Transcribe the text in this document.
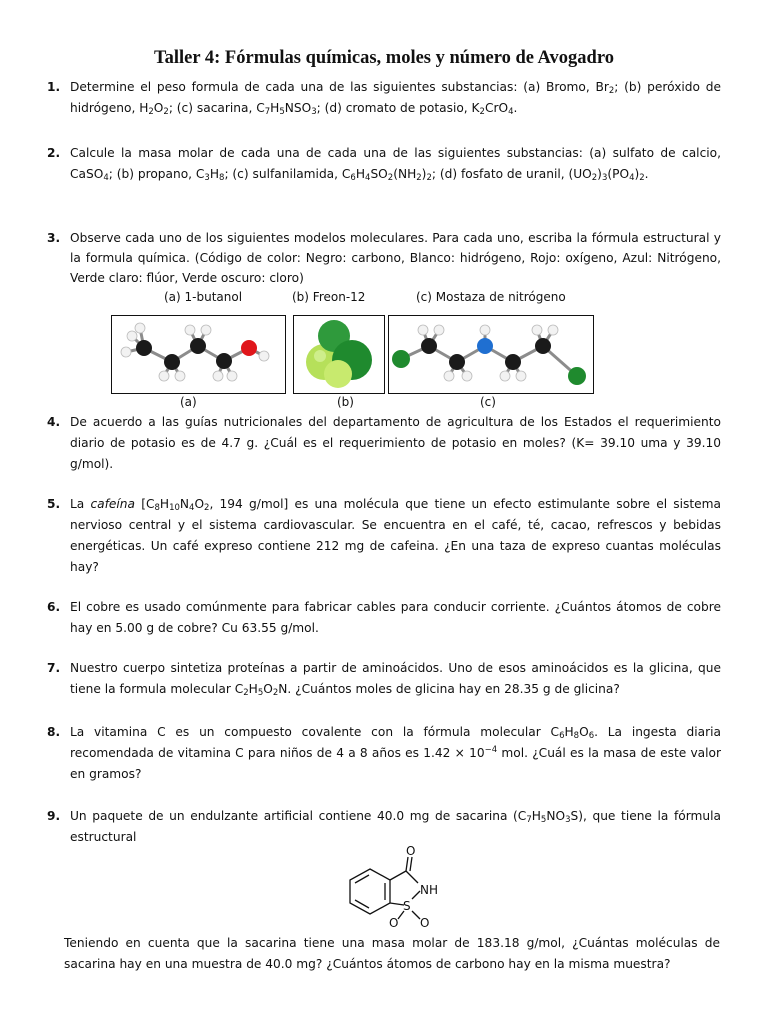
Taller 4: Fórmulas químicas, moles y número de Avogadro
1. Determine el peso formula de cada una de las siguientes substancias: (a) Bromo, $Br_2$; (b) peróxido de hidrógeno, $H_2O_2$; (c) sacarina, $C_7H_5NSO_3$; (d) cromato de potasio, $K_2CrO_4$.
2. Calcule la masa molar de cada una de cada una de las siguientes substancias: (a) sulfato de calcio, CaSO$_4$; (b) propano, $C_3H_8$; (c) sulfanilamida, $C_6H_4SO_2(NH_2)_2$; (d) fosfato de uranil, $(UO_2)_3(PO_4)_2$.
3. Observe cada uno de los siguientes modelos moleculares. Para cada uno, escriba la fórmula estructural y la formula química. (Código de color: Negro: carbono, Blanco: hidrógeno, Rojo: oxígeno, Azul: Nitrógeno, Verde claro: flúor, Verde oscuro: cloro)
(a) 1-butanol	(b) Freon-12	(c) Mostaza de nitrógeno
(a)	(b)	(c)
4. De acuerdo a las guías nutricionales del departamento de agricultura de los Estados el requerimiento diario de potasio es de 4.7 g. ¿Cuál es el requerimiento de potasio en moles? (K= 39.10 uma y 39.10 g/mol).
5. La cafeína [$C_8H_{10}N_4O_2$, 194 g/mol] es una molécula que tiene un efecto estimulante sobre el sistema nervioso central y el sistema cardiovascular. Se encuentra en el café, té, cacao, refrescos y bebidas energéticas. Un café expreso contiene 212 mg de cafeina. ¿En una taza de expreso cuantas moléculas hay?
6. El cobre es usado comúnmente para fabricar cables para conducir corriente. ¿Cuántos átomos de cobre hay en 5.00 g de cobre? Cu 63.55 g/mol.
7. Nuestro cuerpo sintetiza proteínas a partir de aminoácidos. Uno de esos aminoácidos es la glicina, que tiene la formula molecular $C_2H_5O_2N$. ¿Cuántos moles de glicina hay en 28.35 g de glicina?
8. La vitamina C es un compuesto covalente con la fórmula molecular $C_6H_8O_6$. La ingesta diaria recomendada de vitamina C para niños de 4 a 8 años es $1.42 \times 10^{-4}$ mol. ¿Cuál es la masa de este valor en gramos?
9. Un paquete de un endulzante artificial contiene 40.0 mg de sacarina $(C_7H_5NO_3S)$, que tiene la fórmula estructural
O
NH
S
O O
Teniendo en cuenta que la sacarina tiene una masa molar de 183.18 g/mol, ¿Cuántas moléculas de sacarina hay en una muestra de 40.0 mg? ¿Cuántos átomos de carbono hay en la misma muestra?
